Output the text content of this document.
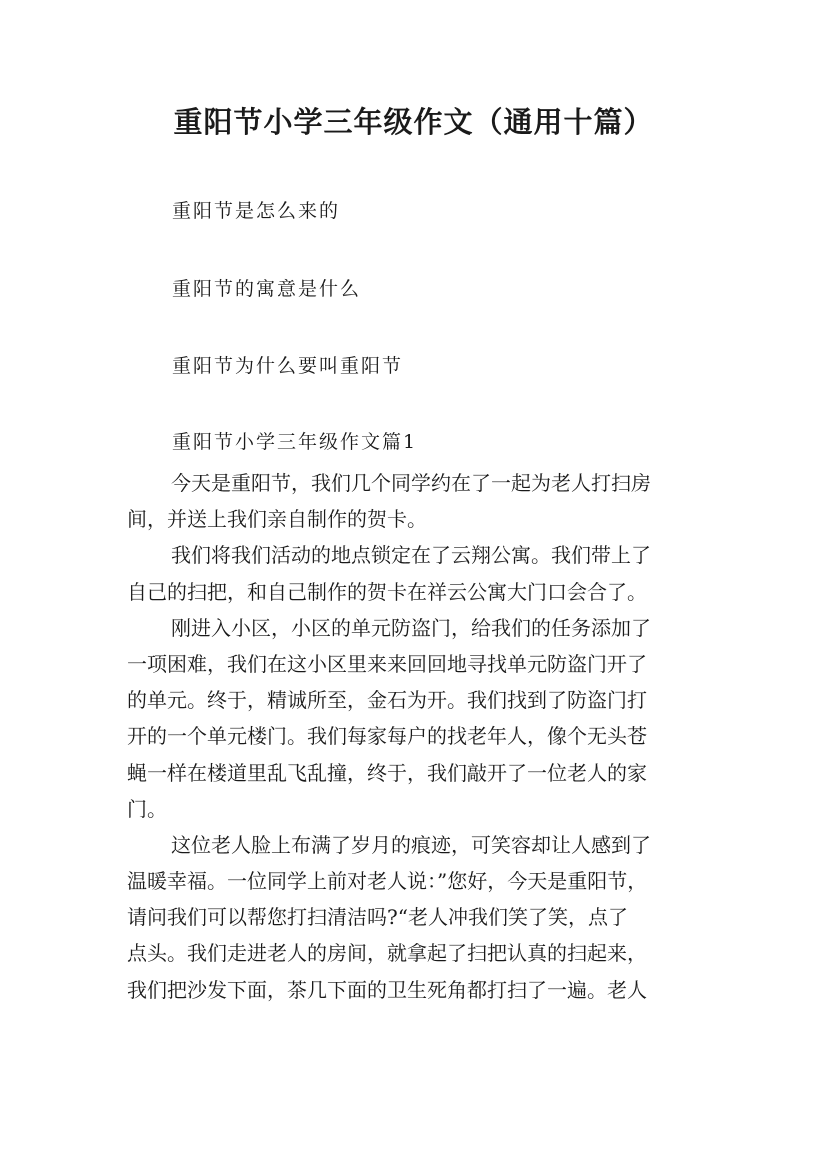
重阳节小学三年级作文（通用十篇）
重阳节是怎么来的
重阳节的寓意是什么
重阳节为什么要叫重阳节
重阳节小学三年级作文篇1
今天是重阳节，我们几个同学约在了一起为老人打扫房
间，并送上我们亲自制作的贺卡。
我们将我们活动的地点锁定在了云翔公寓。我们带上了
自己的扫把，和自己制作的贺卡在祥云公寓大门口会合了。
刚进入小区，小区的单元防盗门，给我们的任务添加了
一项困难，我们在这小区里来来回回地寻找单元防盗门开了
的单元。终于，精诚所至，金石为开。我们找到了防盗门打
开的一个单元楼门。我们每家每户的找老年人，像个无头苍
蝇一样在楼道里乱飞乱撞，终于，我们敲开了一位老人的家
门。
这位老人脸上布满了岁月的痕迹，可笑容却让人感到了
温暖幸福。一位同学上前对老人说：”您好，今天是重阳节，
请问我们可以帮您打扫清洁吗?“老人冲我们笑了笑，点了
点头。我们走进老人的房间，就拿起了扫把认真的扫起来，
我们把沙发下面，茶几下面的卫生死角都打扫了一遍。老人
